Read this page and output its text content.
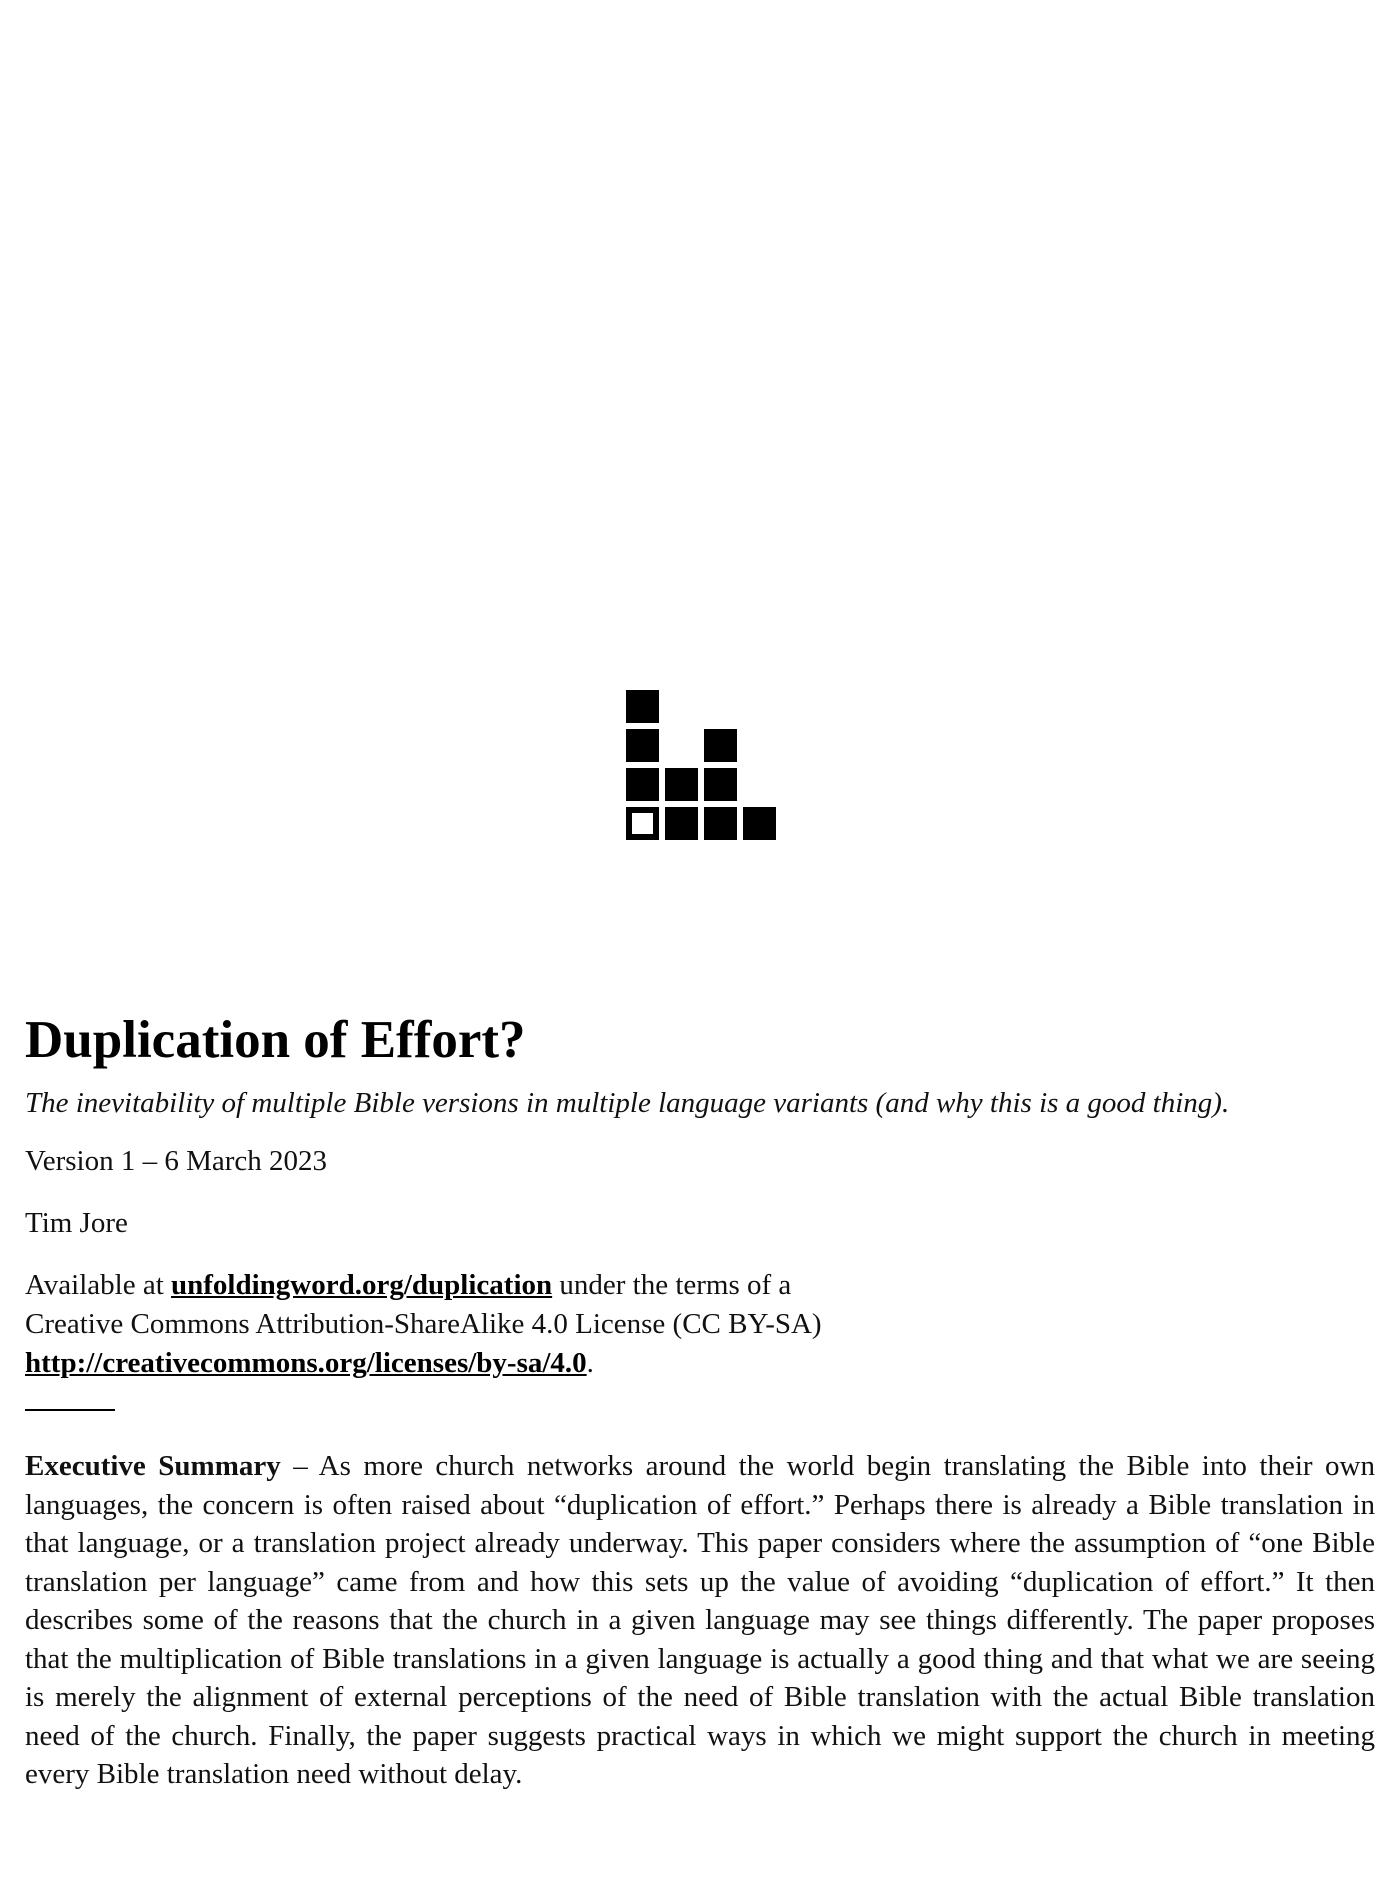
Duplication of Effort?

The inevitability of multiple Bible versions in multiple language variants (and why this is a good thing).

Version 1 – 6 March 2023

Tim Jore

Available at unfoldingword.org/duplication under the terms of a
Creative Commons Attribution-ShareAlike 4.0 License (CC BY-SA)
http://creativecommons.org/licenses/by-sa/4.0.

Executive Summary – As more church networks around the world begin translating the Bible into their own languages, the concern is often raised about “duplication of effort.” Perhaps there is already a Bible translation in that language, or a translation project already underway. This paper considers where the assumption of “one Bible translation per language” came from and how this sets up the value of avoiding “duplication of effort.” It then describes some of the reasons that the church in a given language may see things differently. The paper proposes that the multiplication of Bible translations in a given language is actually a good thing and that what we are seeing is merely the alignment of external perceptions of the need of Bible translation with the actual Bible translation need of the church. Finally, the paper suggests practical ways in which we might support the church in meeting every Bible translation need without delay.
